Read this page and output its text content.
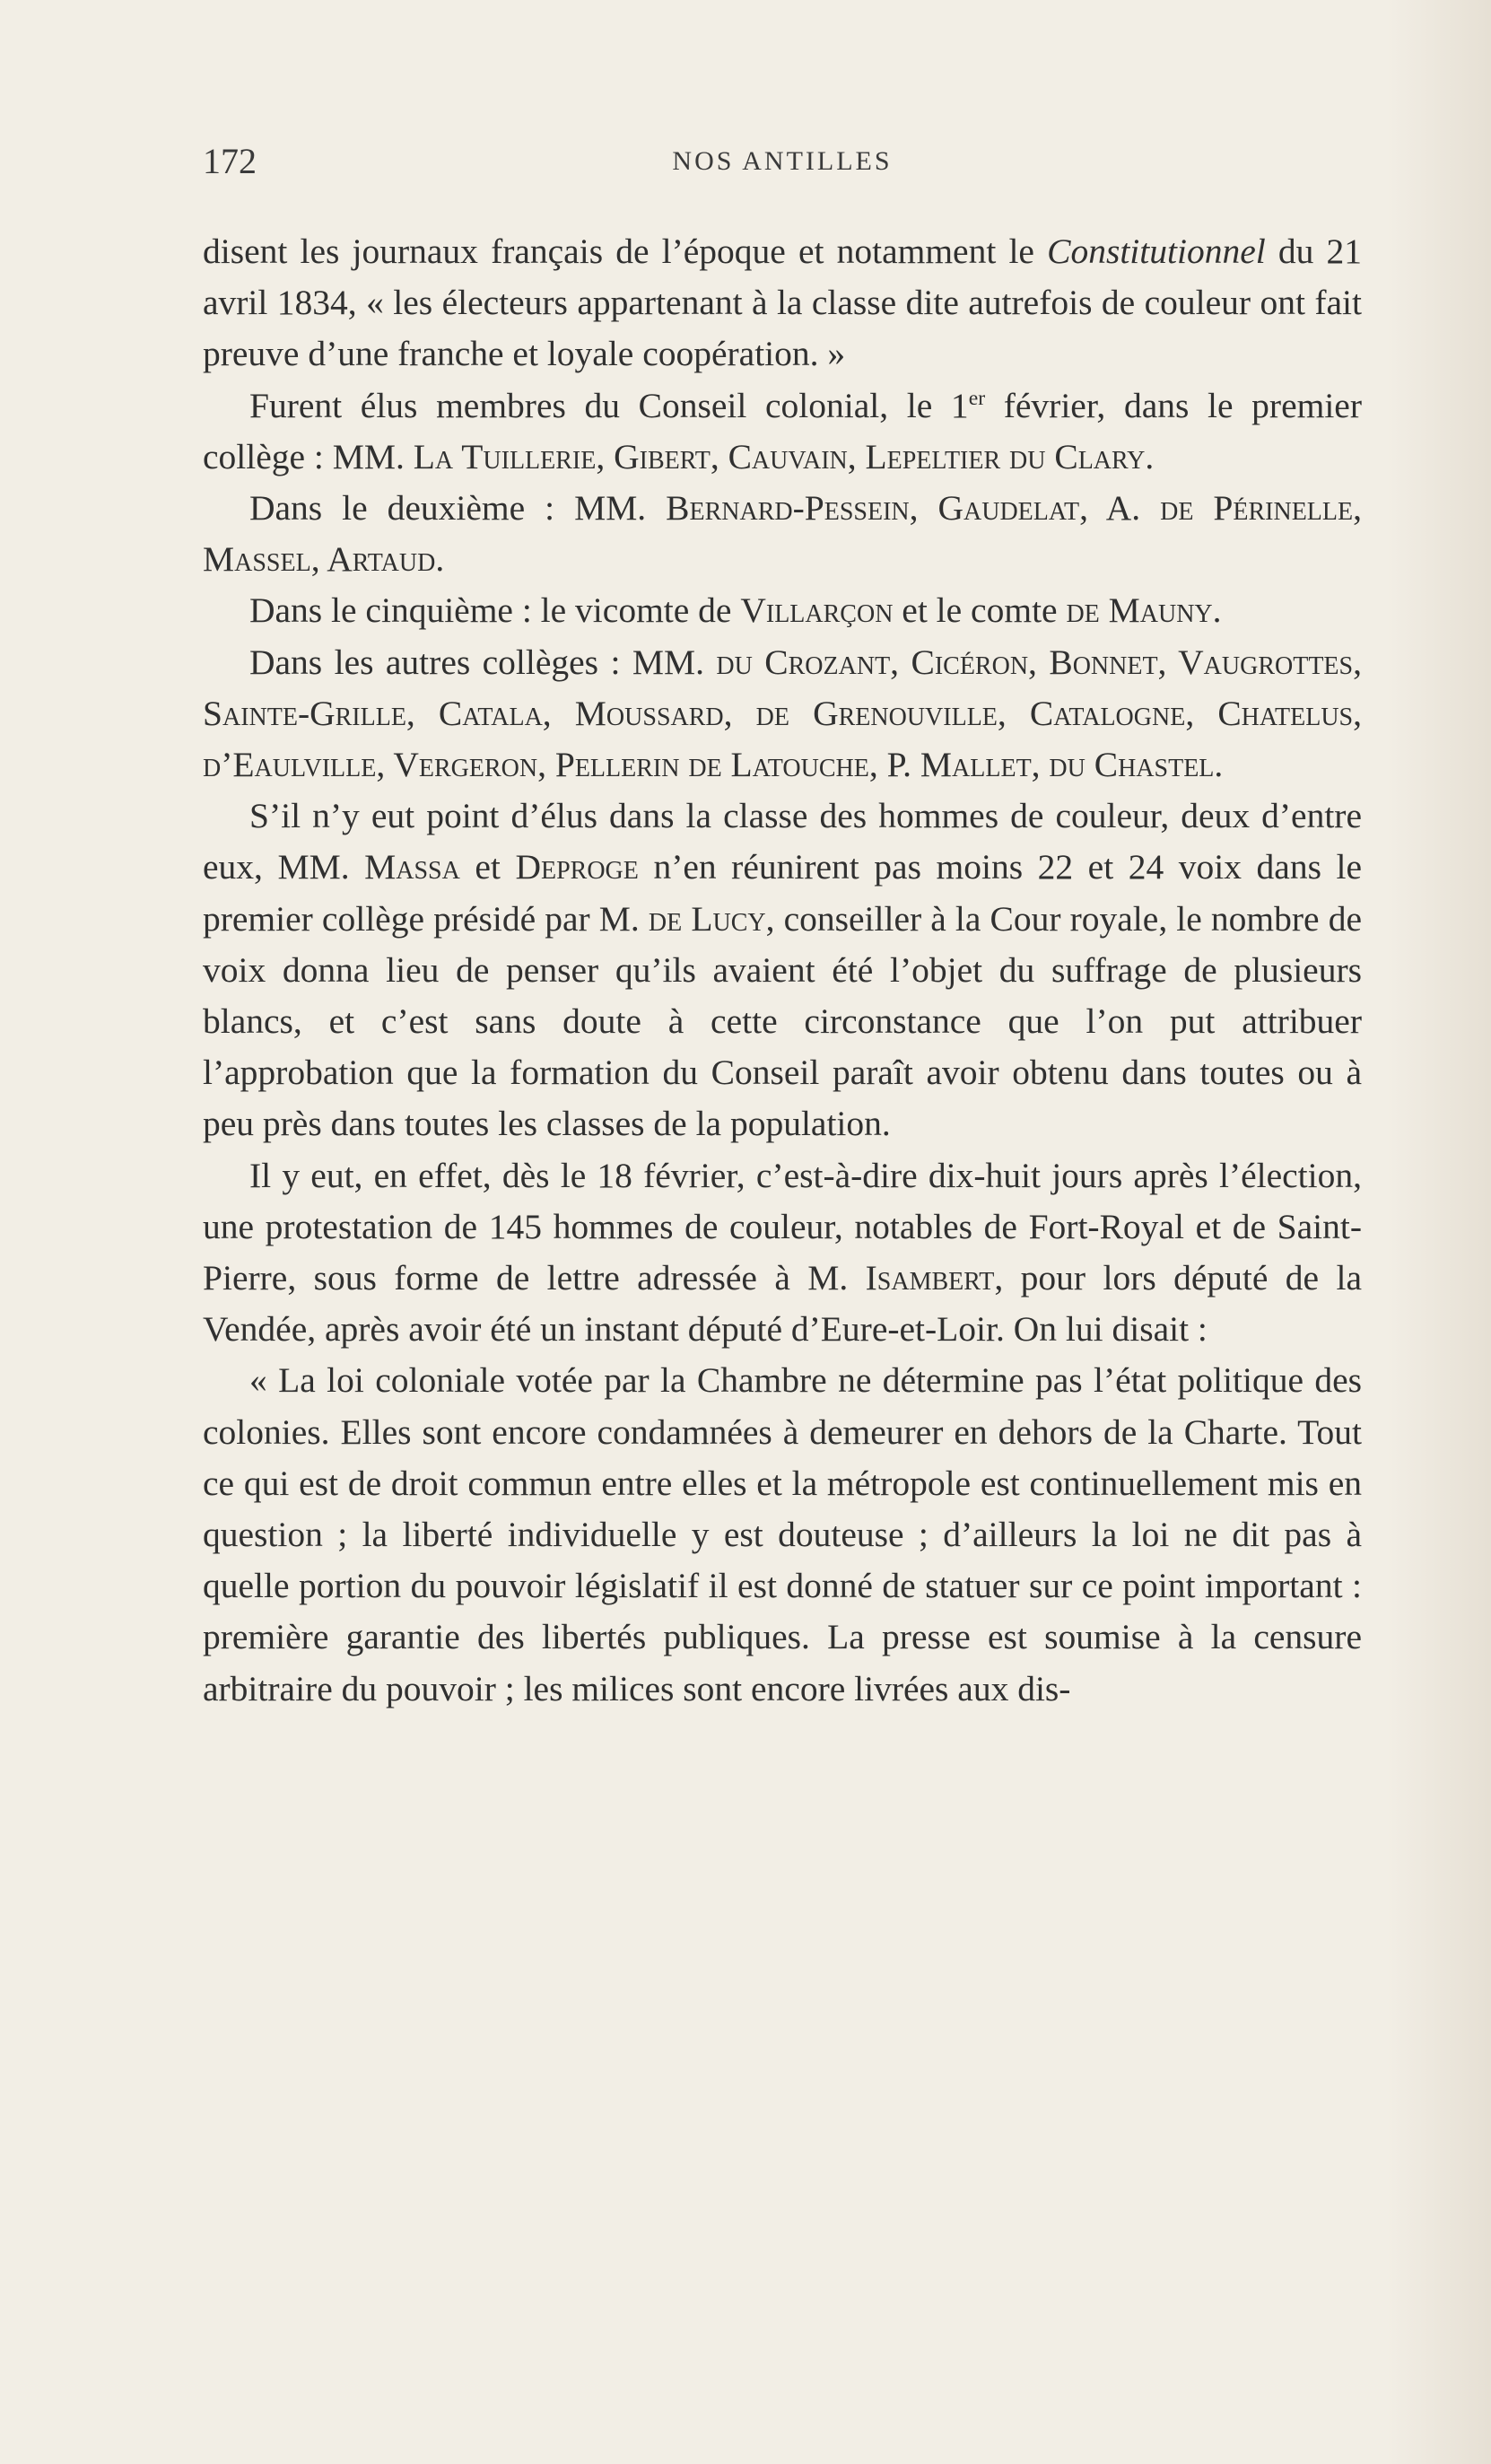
172	NOS ANTILLES

disent les journaux français de l’époque et notamment le Constitutionnel du 21 avril 1834, « les électeurs appartenant à la classe dite autrefois de couleur ont fait preuve d’une franche et loyale coopération. »

Furent élus membres du Conseil colonial, le 1er février, dans le premier collège : MM. La Tuillerie, Gibert, Cauvain, Lepeltier du Clary.

Dans le deuxième : MM. Bernard-Pessein, Gaudelat, A. de Périnelle, Massel, Artaud.

Dans le cinquième : le vicomte de Villarçon et le comte de Mauny.

Dans les autres collèges : MM. du Crozant, Cicéron, Bonnet, Vaugrottes, Sainte-Grille, Catala, Moussard, de Grenouville, Catalogne, Chatelus, d’Eaulville, Vergeron, Pellerin de Latouche, P. Mallet, du Chastel.

S’il n’y eut point d’élus dans la classe des hommes de couleur, deux d’entre eux, MM. Massa et Deproge n’en réunirent pas moins 22 et 24 voix dans le premier collège présidé par M. de Lucy, conseiller à la Cour royale, le nombre de voix donna lieu de penser qu’ils avaient été l’objet du suffrage de plusieurs blancs, et c’est sans doute à cette circonstance que l’on put attribuer l’approbation que la formation du Conseil paraît avoir obtenu dans toutes ou à peu près dans toutes les classes de la population.

Il y eut, en effet, dès le 18 février, c’est-à-dire dix-huit jours après l’élection, une protestation de 145 hommes de couleur, notables de Fort-Royal et de Saint-Pierre, sous forme de lettre adressée à M. Isambert, pour lors député de la Vendée, après avoir été un instant député d’Eure-et-Loir. On lui disait :

« La loi coloniale votée par la Chambre ne détermine pas l’état politique des colonies. Elles sont encore condamnées à demeurer en dehors de la Charte. Tout ce qui est de droit commun entre elles et la métropole est continuellement mis en question ; la liberté individuelle y est douteuse ; d’ailleurs la loi ne dit pas à quelle portion du pouvoir législatif il est donné de statuer sur ce point important : première garantie des libertés publiques. La presse est soumise à la censure arbitraire du pouvoir ; les milices sont encore livrées aux dis-
